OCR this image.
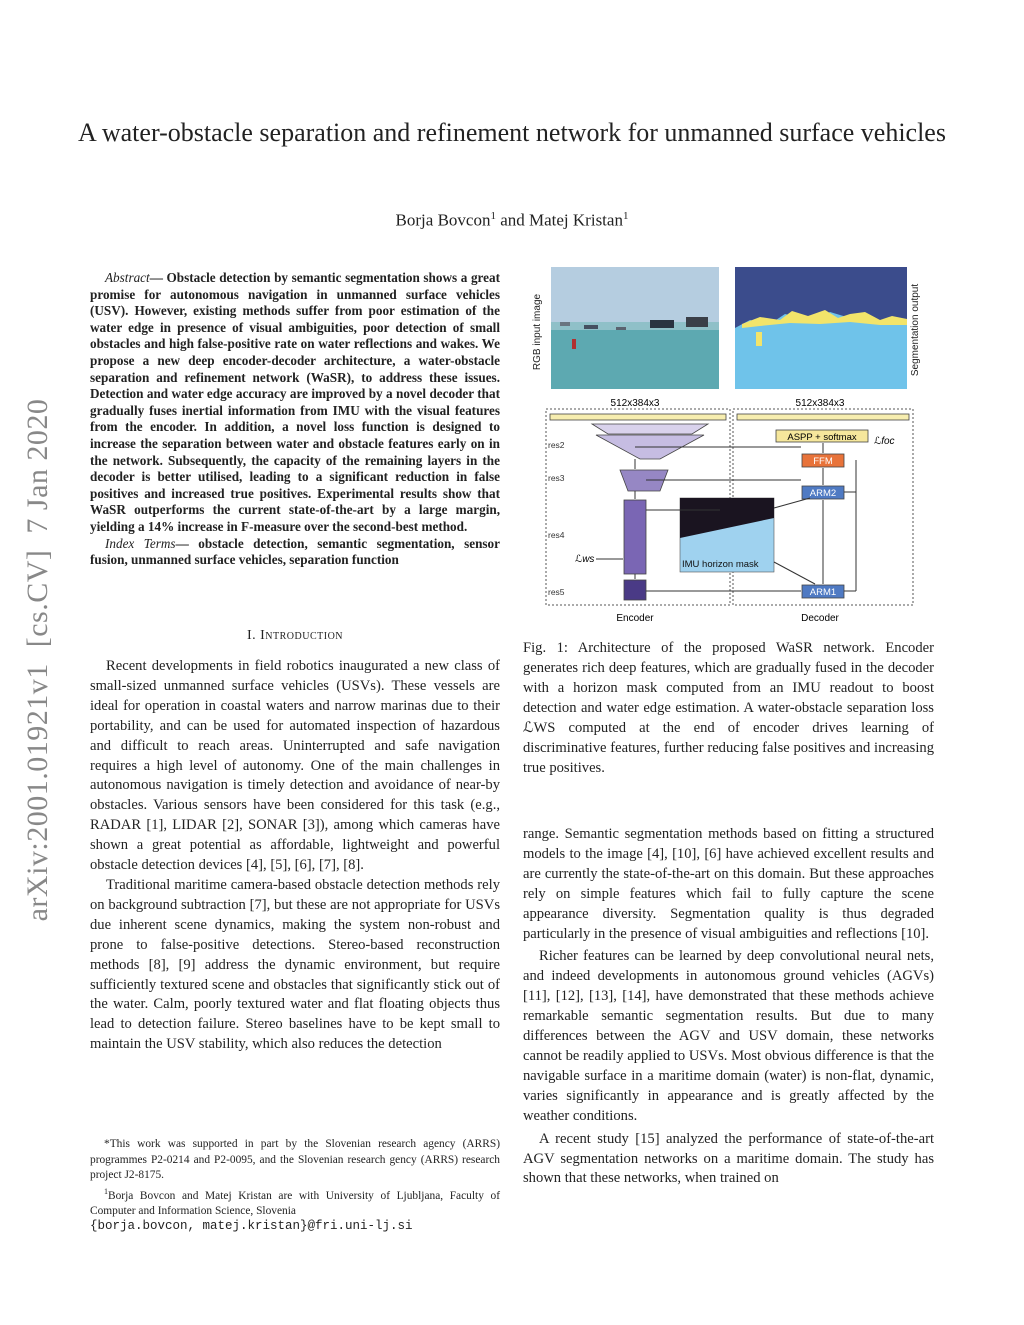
A water-obstacle separation and refinement network for unmanned surface vehicles
Borja Bovcon$^1$ and Matej Kristan$^1$
arXiv:2001.01921v1  [cs.CV]  7 Jan 2020

Abstract— Obstacle detection by semantic segmentation shows a great promise for autonomous navigation in unmanned surface vehicles (USV). However, existing methods suffer from poor estimation of the water edge in presence of visual ambiguities, poor detection of small obstacles and high false-positive rate on water reflections and wakes. We propose a new deep encoder-decoder architecture, a water-obstacle separation and refinement network (WaSR), to address these issues. Detection and water edge accuracy are improved by a novel decoder that gradually fuses inertial information from IMU with the visual features from the encoder. In addition, a novel loss function is designed to increase the separation between water and obstacle features early on in the network. Subsequently, the capacity of the remaining layers in the decoder is better utilised, leading to a significant reduction in false positives and increased true positives. Experimental results show that WaSR outperforms the current state-of-the-art by a large margin, yielding a 14% increase in F-measure over the second-best method.

Index Terms— obstacle detection, semantic segmentation, sensor fusion, unmanned surface vehicles, separation function

I. Introduction

Recent developments in field robotics inaugurated a new class of small-sized unmanned surface vehicles (USVs). These vessels are ideal for operation in coastal waters and narrow marinas due to their portability, and can be used for automated inspection of hazardous and difficult to reach areas. Uninterrupted and safe navigation requires a high level of autonomy. One of the main challenges in autonomous navigation is timely detection and avoidance of near-by obstacles. Various sensors have been considered for this task (e.g., RADAR [1], LIDAR [2], SONAR [3]), among which cameras have shown a great potential as affordable, lightweight and powerful obstacle detection devices [4], [5], [6], [7], [8].

Traditional maritime camera-based obstacle detection methods rely on background subtraction [7], but these are not appropriate for USVs due inherent scene dynamics, making the system non-robust and prone to false-positive detections. Stereo-based reconstruction methods [8], [9] address the dynamic environment, but require sufficiently textured scene and obstacles that significantly stick out of the water. Calm, poorly textured water and flat floating objects thus lead to detection failure. Stereo baselines have to be kept small to maintain the USV stability, which also reduces the detection

*This work was supported in part by the Slovenian research agency (ARRS) programmes P2-0214 and P2-0095, and the Slovenian research gency (ARRS) research project J2-8175.

$^1$Borja Bovcon and Matej Kristan are with University of Ljubljana, Faculty of Computer and Information Science, Slovenia

{borja.bovcon, matej.kristan}@fri.uni-lj.si
RGB input image	Segmentation output
512x384x3	512x384x3
res2
res3
res4
res5
ℒws	IMU horizon mask
ASPP + softmax ℒfoc
FFM
ARM2
ARM1
Encoder	Decoder
Fig. 1: Architecture of the proposed WaSR network. Encoder generates rich deep features, which are gradually fused in the decoder with a horizon mask computed from an IMU readout to boost detection and water edge estimation. A water-obstacle separation loss ℒWS computed at the end of encoder drives learning of discriminative features, further reducing false positives and increasing true positives.

range. Semantic segmentation methods based on fitting a structured models to the image [4], [10], [6] have achieved excellent results and are currently the state-of-the-art on this domain. But these approaches rely on simple features which fail to fully capture the scene appearance diversity. Segmentation quality is thus degraded particularly in the presence of visual ambiguities and reflections [10].

Richer features can be learned by deep convolutional neural nets, and indeed developments in autonomous ground vehicles (AGVs) [11], [12], [13], [14], have demonstrated that these methods achieve remarkable semantic segmentation results. But due to many differences between the AGV and USV domain, these networks cannot be readily applied to USVs. Most obvious difference is that the navigable surface in a maritime domain (water) is non-flat, dynamic, varies significantly in appearance and is greatly affected by the weather conditions.

A recent study [15] analyzed the performance of state-of-the-art AGV segmentation networks on a maritime domain. The study has shown that these networks, when trained on
